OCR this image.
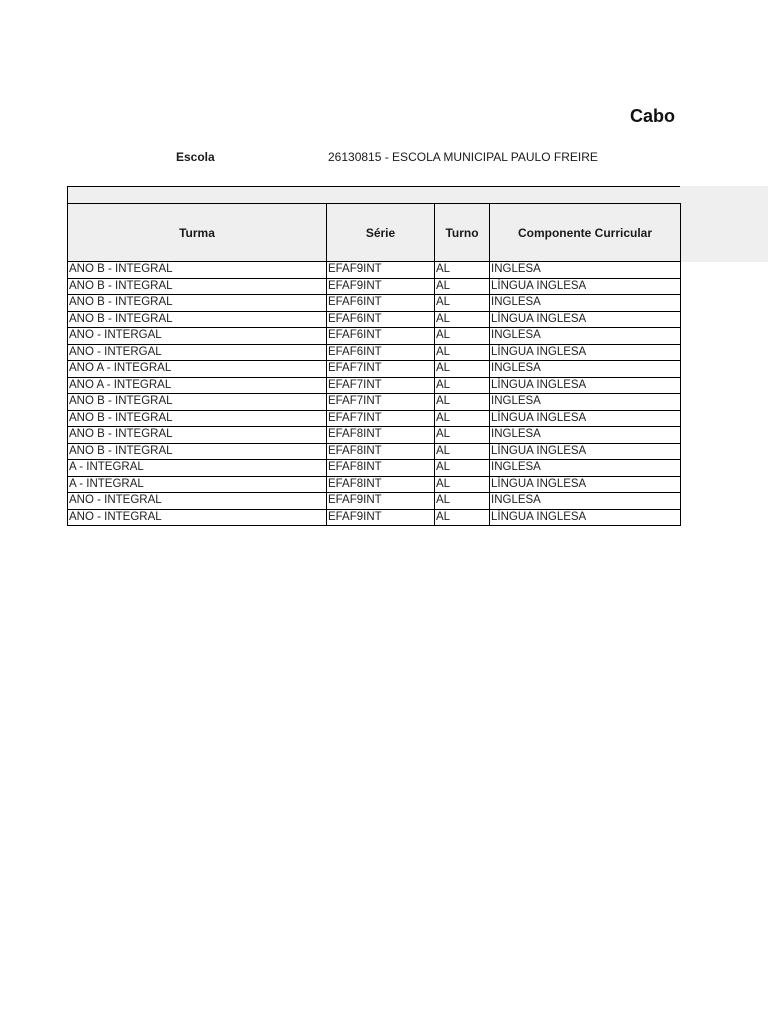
Cabo
Escola	26130815 - ESCOLA MUNICIPAL PAULO FREIRE
Turma	Série	Turno	Componente Curricular
ANO B - INTEGRAL	EFAF9INT	AL	INGLESA
ANO B - INTEGRAL	EFAF9INT	AL	LÍNGUA INGLESA
ANO B - INTEGRAL	EFAF6INT	AL	INGLESA
ANO B - INTEGRAL	EFAF6INT	AL	LÍNGUA INGLESA
ANO - INTERGAL	EFAF6INT	AL	INGLESA
ANO - INTERGAL	EFAF6INT	AL	LÍNGUA INGLESA
ANO A - INTEGRAL	EFAF7INT	AL	INGLESA
ANO A - INTEGRAL	EFAF7INT	AL	LÍNGUA INGLESA
ANO B - INTEGRAL	EFAF7INT	AL	INGLESA
ANO B - INTEGRAL	EFAF7INT	AL	LÍNGUA INGLESA
ANO B - INTEGRAL	EFAF8INT	AL	INGLESA
ANO B - INTEGRAL	EFAF8INT	AL	LÍNGUA INGLESA
A - INTEGRAL	EFAF8INT	AL	INGLESA
A - INTEGRAL	EFAF8INT	AL	LÍNGUA INGLESA
ANO - INTEGRAL	EFAF9INT	AL	INGLESA
ANO - INTEGRAL	EFAF9INT	AL	LÍNGUA INGLESA
